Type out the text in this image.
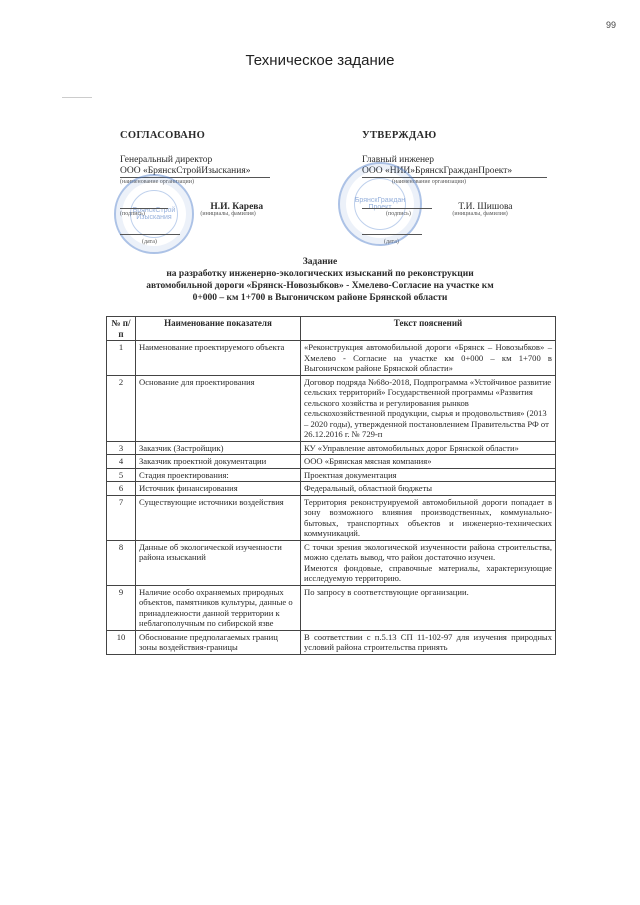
99
Техническое задание
БрянскСтрой Изыскания
СОГЛАСОВАНО
Генеральный директор
ООО «БрянскСтройИзыскания»
(наименование организации)
Н.И. Карева
(подпись)	(инициалы, фамилия)
(дата)
БрянскГраждан Проект
УТВЕРЖДАЮ
Главный инженер
ООО «НИИ»БрянскГражданПроект»
(наименование организации)
Т.И. Шишова
(подпись)	(инициалы, фамилия)
(дата)
Задание
на разработку инженерно-экологических изысканий по реконструкции
автомобильной дороги «Брянск-Новозыбков» - Хмелево-Согласие на участке км
0+000 – км 1+700 в Выгоничском районе Брянской области
№ п/п	Наименование показателя	Текст пояснений
1	Наименование проектируемого объекта	«Реконструкция автомобильной дороги «Брянск – Новозыбков» – Хмелево - Согласие на участке км 0+000 – км 1+700 в Выгоничском районе Брянской области»
2	Основание для проектирования	Договор подряда №68о-2018, Подпрограмма «Устойчивое развитие сельских территорий» Государственной программы «Развития сельского хозяйства и регулирования рынков сельскохозяйственной продукции, сырья и продовольствия» (2013 – 2020 годы), утвержденной постановлением Правительства РФ от 26.12.2016 г. № 729-п
3	Заказчик (Застройщик)	КУ «Управление автомобильных дорог Брянской области»
4	Заказчик проектной документации	ООО «Брянская мясная компания»
5	Стадия проектирования:	Проектная документация
6	Источник финансирования	Федеральный, областной бюджеты
7	Существующие источники воздействия	Территория реконструируемой автомобильной дороги попадает в зону возможного влияния производственных, коммунально-бытовых, транспортных объектов и инженерно-технических коммуникаций.
8	Данные об экологической изученности района изысканий	С точки зрения экологической изученности района строительства, можно сделать вывод, что район достаточно изучен.
Имеются фондовые, справочные материалы, характеризующие исследуемую территорию.

9	Наличие особо охраняемых природных объектов, памятников культуры, данные о принадлежности данной территории к неблагополучным по сибирской язве	По запросу в соответствующие организации.
10	Обоснование предполагаемых границ зоны воздействия-границы	В соответствии с п.5.13 СП 11-102-97 для изучения природных условий района строительства принять
